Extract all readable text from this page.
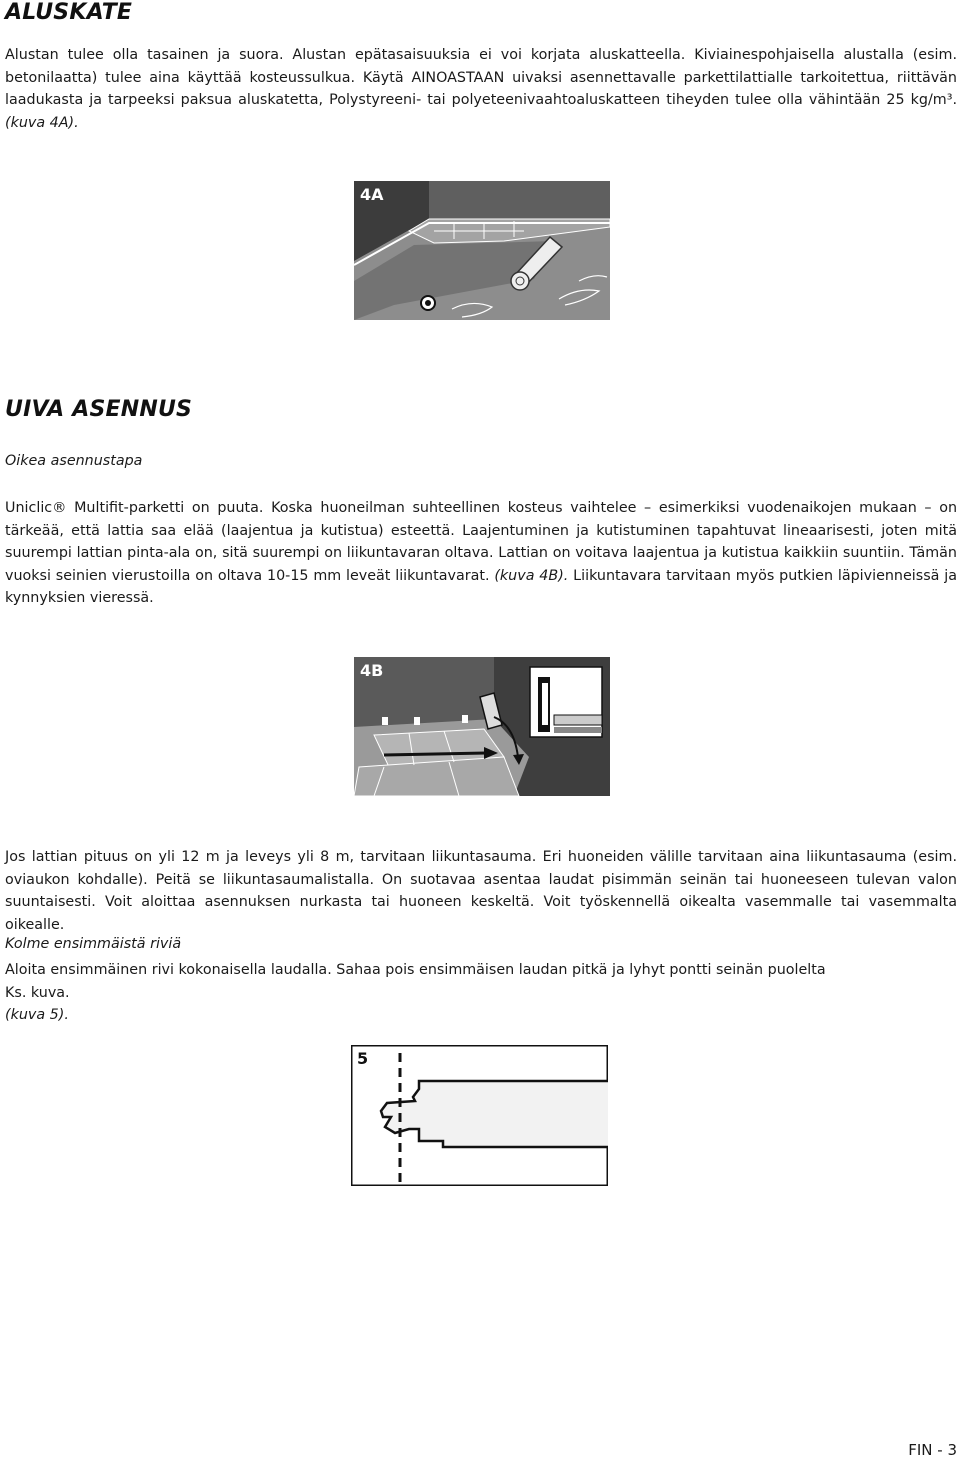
ALUSKATE

Alustan tulee olla tasainen ja suora. Alustan epätasaisuuksia ei voi korjata aluskatteella. Kiviainespohjaisella alustalla (esim. betonilaatta) tulee aina käyttää kosteussulkua. Käytä AINOASTAAN uivaksi asennettavalle parkettilattialle tarkoitettua, riittävän laadukasta ja tarpeeksi paksua aluskatetta, Polystyreeni- tai polyeteenivaahtoaluskatteen tiheyden tulee olla vähintään 25 kg/m³. (kuva 4A).

4A
UIVA ASENNUS

Oikea asennustapa

Uniclic® Multifit-parketti on puuta. Koska huoneilman suhteellinen kosteus vaihtelee – esimerkiksi vuodenaikojen mukaan – on tärkeää, että lattia saa elää (laajentua ja kutistua) esteettä. Laajentuminen ja kutistuminen tapahtuvat lineaarisesti, joten mitä suurempi lattian pinta-ala on, sitä suurempi on liikuntavaran oltava. Lattian on voitava laajentua ja kutistua kaikkiin suuntiin. Tämän vuoksi seinien vierustoilla on oltava 10-15 mm leveät liikuntavarat. (kuva 4B). Liikuntavara tarvitaan myös putkien läpivienneissä ja kynnyksien vieressä.

4B

Jos lattian pituus on yli 12 m ja leveys yli 8 m, tarvitaan liikuntasauma. Eri huoneiden välille tarvitaan aina liikuntasauma (esim. oviaukon kohdalle). Peitä se liikuntasaumalistalla. On suotavaa asentaa laudat pisimmän seinän tai huoneeseen tulevan valon suuntaisesti. Voit aloittaa asennuksen nurkasta tai huoneen keskeltä. Voit työskennellä oikealta vasemmalle tai vasemmalta oikealle.

Kolme ensimmäistä riviä

Aloita ensimmäinen rivi kokonaisella laudalla. Sahaa pois ensimmäisen laudan pitkä ja lyhyt pontti seinän puolelta

Ks. kuva.

(kuva 5).

5
FIN - 3
